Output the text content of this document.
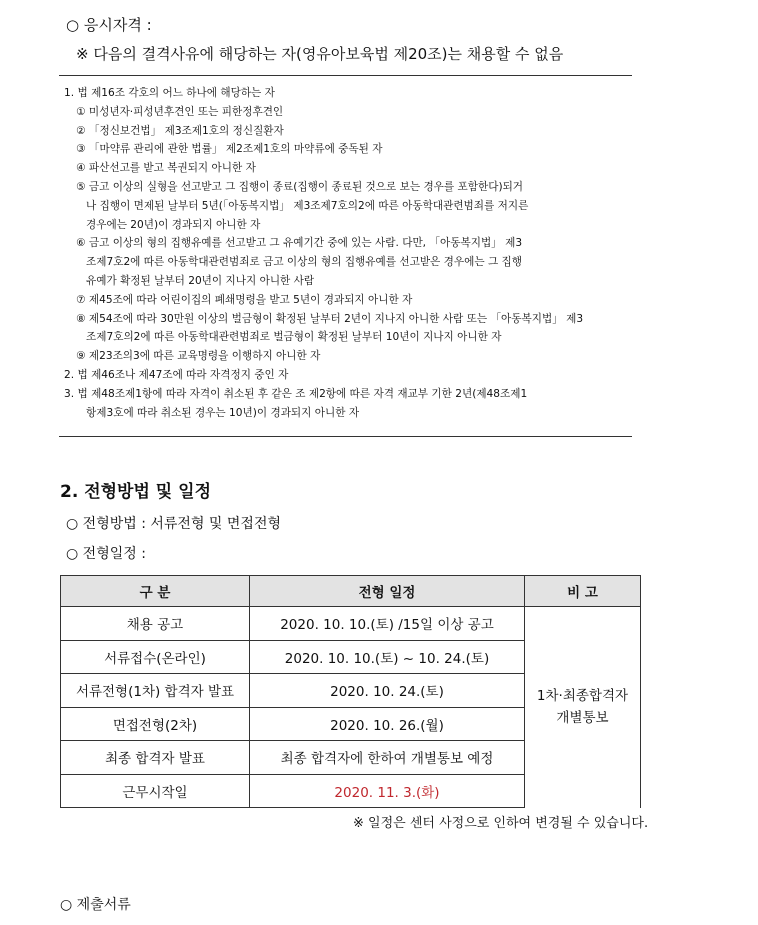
○ 응시자격 :
※ 다음의 결격사유에 해당하는 자(영유아보육법 제20조)는 채용할 수 없음
1. 법 제16조 각호의 어느 하나에 해당하는 자
① 미성년자·피성년후견인 또는 피한정후견인
② 「정신보건법」 제3조제1호의 정신질환자
③ 「마약류 관리에 관한 법률」 제2조제1호의 마약류에 중독된 자
④ 파산선고를 받고 복권되지 아니한 자
⑤ 금고 이상의 실형을 선고받고 그 집행이 종료(집행이 종료된 것으로 보는 경우를 포함한다)되거
나 집행이 면제된 날부터 5년(「아동복지법」 제3조제7호의2에 따른 아동학대관련범죄를 저지른
경우에는 20년)이 경과되지 아니한 자
⑥ 금고 이상의 형의 집행유예를 선고받고 그 유예기간 중에 있는 사람. 다만, 「아동복지법」 제3
조제7호2에 따른 아동학대관련범죄로 금고 이상의 형의 집행유예를 선고받은 경우에는 그 집행
유예가 확정된 날부터 20년이 지나지 아니한 사람
⑦ 제45조에 따라 어린이집의 폐쇄명령을 받고 5년이 경과되지 아니한 자
⑧ 제54조에 따라 30만원 이상의 벌금형이 확정된 날부터 2년이 지나지 아니한 사람 또는 「아동복지법」 제3
조제7호의2에 따른 아동학대관련범죄로 벌금형이 확정된 날부터 10년이 지나지 아니한 자
⑨ 제23조의3에 따른 교육명령을 이행하지 아니한 자
2. 법 제46조나 제47조에 따라 자격정지 중인 자
3. 법 제48조제1항에 따라 자격이 취소된 후 같은 조 제2항에 따른 자격 재교부 기한 2년(제48조제1
항제3호에 따라 취소된 경우는 10년)이 경과되지 아니한 자
2. 전형방법 및 일정
○ 전형방법 : 서류전형 및 면접전형
○ 전형일정 :
구 분	전형 일정	비 고
채용 공고	2020. 10. 10.(토) /15일 이상 공고	1차·최종합격자
개별통보

서류접수(온라인)	2020. 10. 10.(토) ~ 10. 24.(토)	
서류전형(1차) 합격자 발표	2020. 10. 24.(토)	
면접전형(2차)	2020. 10. 26.(월)	
최종 합격자 발표	최종 합격자에 한하여 개별통보 예정	
근무시작일	2020. 11. 3.(화)	
※ 일정은 센터 사정으로 인하여 변경될 수 있습니다.
○ 제출서류
